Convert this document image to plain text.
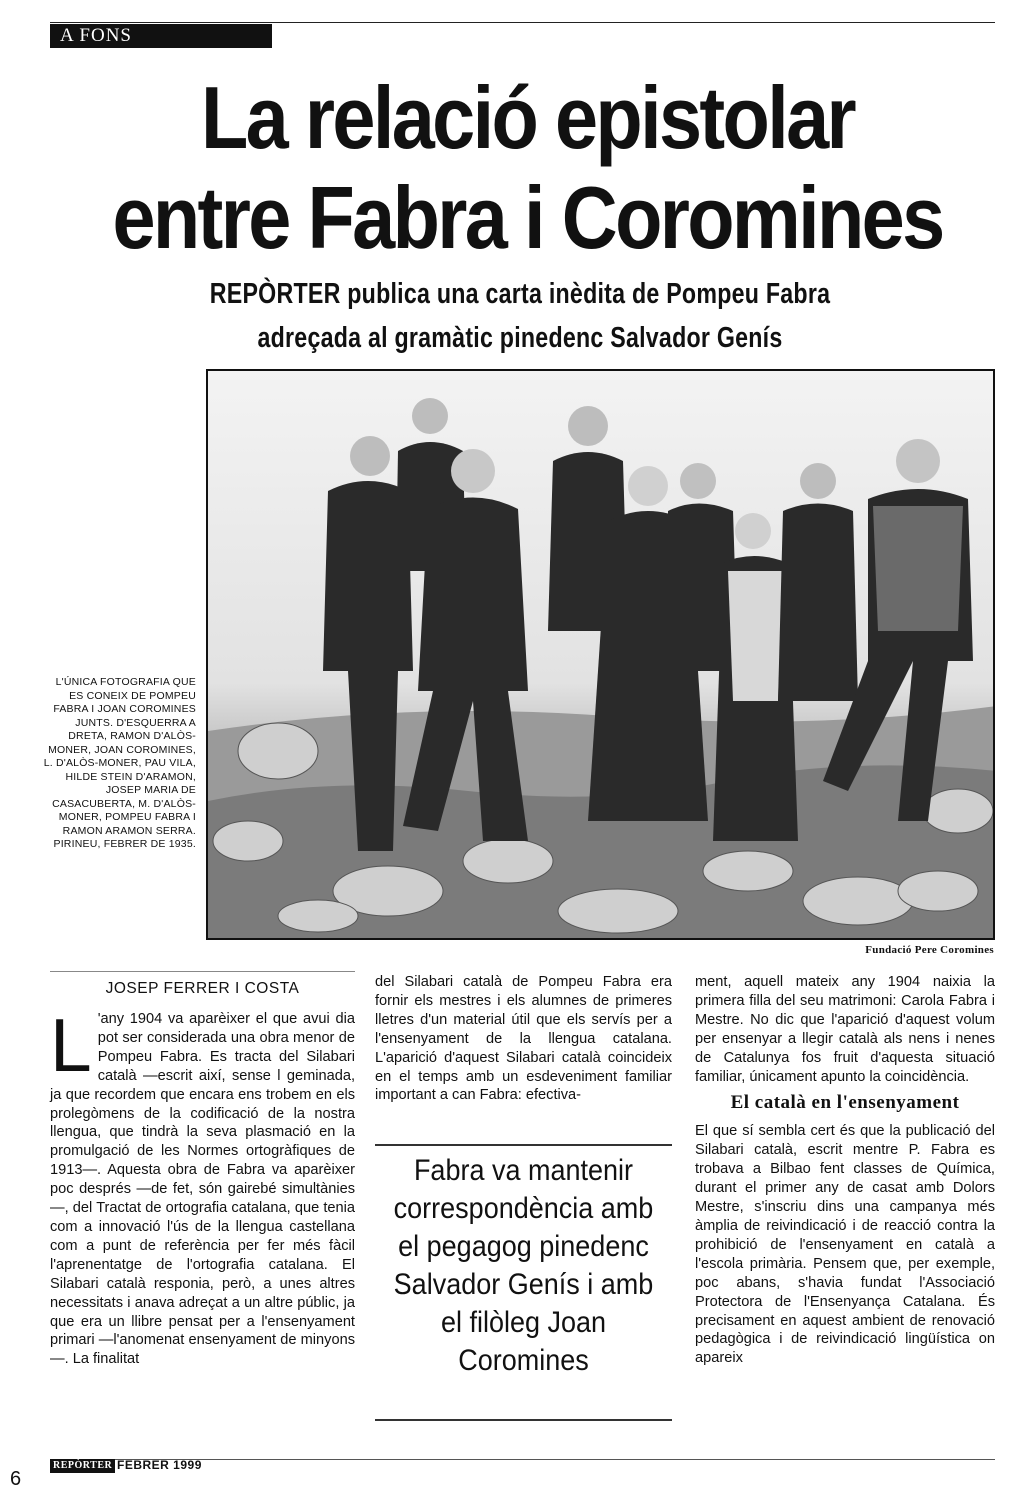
A FONS
La relació epistolar
entre Fabra i Coromines
REPÒRTER publica una carta inèdita de Pompeu Fabra
adreçada al gramàtic pinedenc Salvador Genís
L'ÚNICA FOTOGRAFIA QUE ES CONEIX DE POMPEU FABRA I JOAN COROMINES JUNTS. D'ESQUERRA A DRETA, RAMON D'ALÒS-MONER, JOAN COROMINES, L. D'ALÒS-MONER, PAU VILA, HILDE STEIN D'ARAMON, JOSEP MARIA DE CASACUBERTA, M. D'ALÒS-MONER, POMPEU FABRA I RAMON ARAMON SERRA. PIRINEU, FEBRER DE 1935.
Fundació Pere Coromines
JOSEP FERRER I COSTA
L 'any 1904 va aparèixer el que avui dia pot ser considerada una obra menor de Pompeu Fabra. Es tracta del Silabari català —escrit així, sense l geminada, ja que recordem que encara ens trobem en els prolegòmens de la codificació de la nostra llengua, que tindrà la seva plasmació en la promulgació de les Normes ortogràfiques de 1913—. Aquesta obra de Fabra va aparèixer poc després —de fet, són gairebé simultànies—, del Tractat de ortografia catalana, que tenia com a innovació l'ús de la llengua castellana com a punt de referència per fer més fàcil l'aprenentatge de l'ortografia catalana. El Silabari català responia, però, a unes altres necessitats i anava adreçat a un altre públic, ja que era un llibre pensat per a l'ensenyament primari —l'anomenat ensenyament de minyons—. La finalitat

del Silabari català de Pompeu Fabra era fornir els mestres i els alumnes de primeres lletres d'un material útil que els servís per a l'ensenyament de la llengua catalana. L'aparició d'aquest Silabari català coincideix en el temps amb un esdeveniment familiar important a can Fabra: efectiva-

Fabra va mantenir correspondència amb el pegagog pinedenc Salvador Genís i amb el filòleg Joan Coromines

ment, aquell mateix any 1904 naixia la primera filla del seu matrimoni: Carola Fabra i Mestre. No dic que l'aparició d'aquest volum per ensenyar a llegir català als nens i nenes de Catalunya fos fruit d'aquesta situació familiar, únicament apunto la coincidència.

El català en l'ensenyament

El que sí sembla cert és que la publicació del Silabari català, escrit mentre P. Fabra es trobava a Bilbao fent classes de Química, durant el primer any de casat amb Dolors Mestre, s'inscriu dins una campanya més àmplia de reivindicació i de reacció contra la prohibició de l'ensenyament en català a l'escola primària. Pensem que, per exemple, poc abans, s'havia fundat l'Associació Protectora de l'Ensenyança Catalana. És precisament en aquest ambient de renovació pedagògica i de reivindicació lingüística on apareix

REPÒRTER FEBRER 1999
6
